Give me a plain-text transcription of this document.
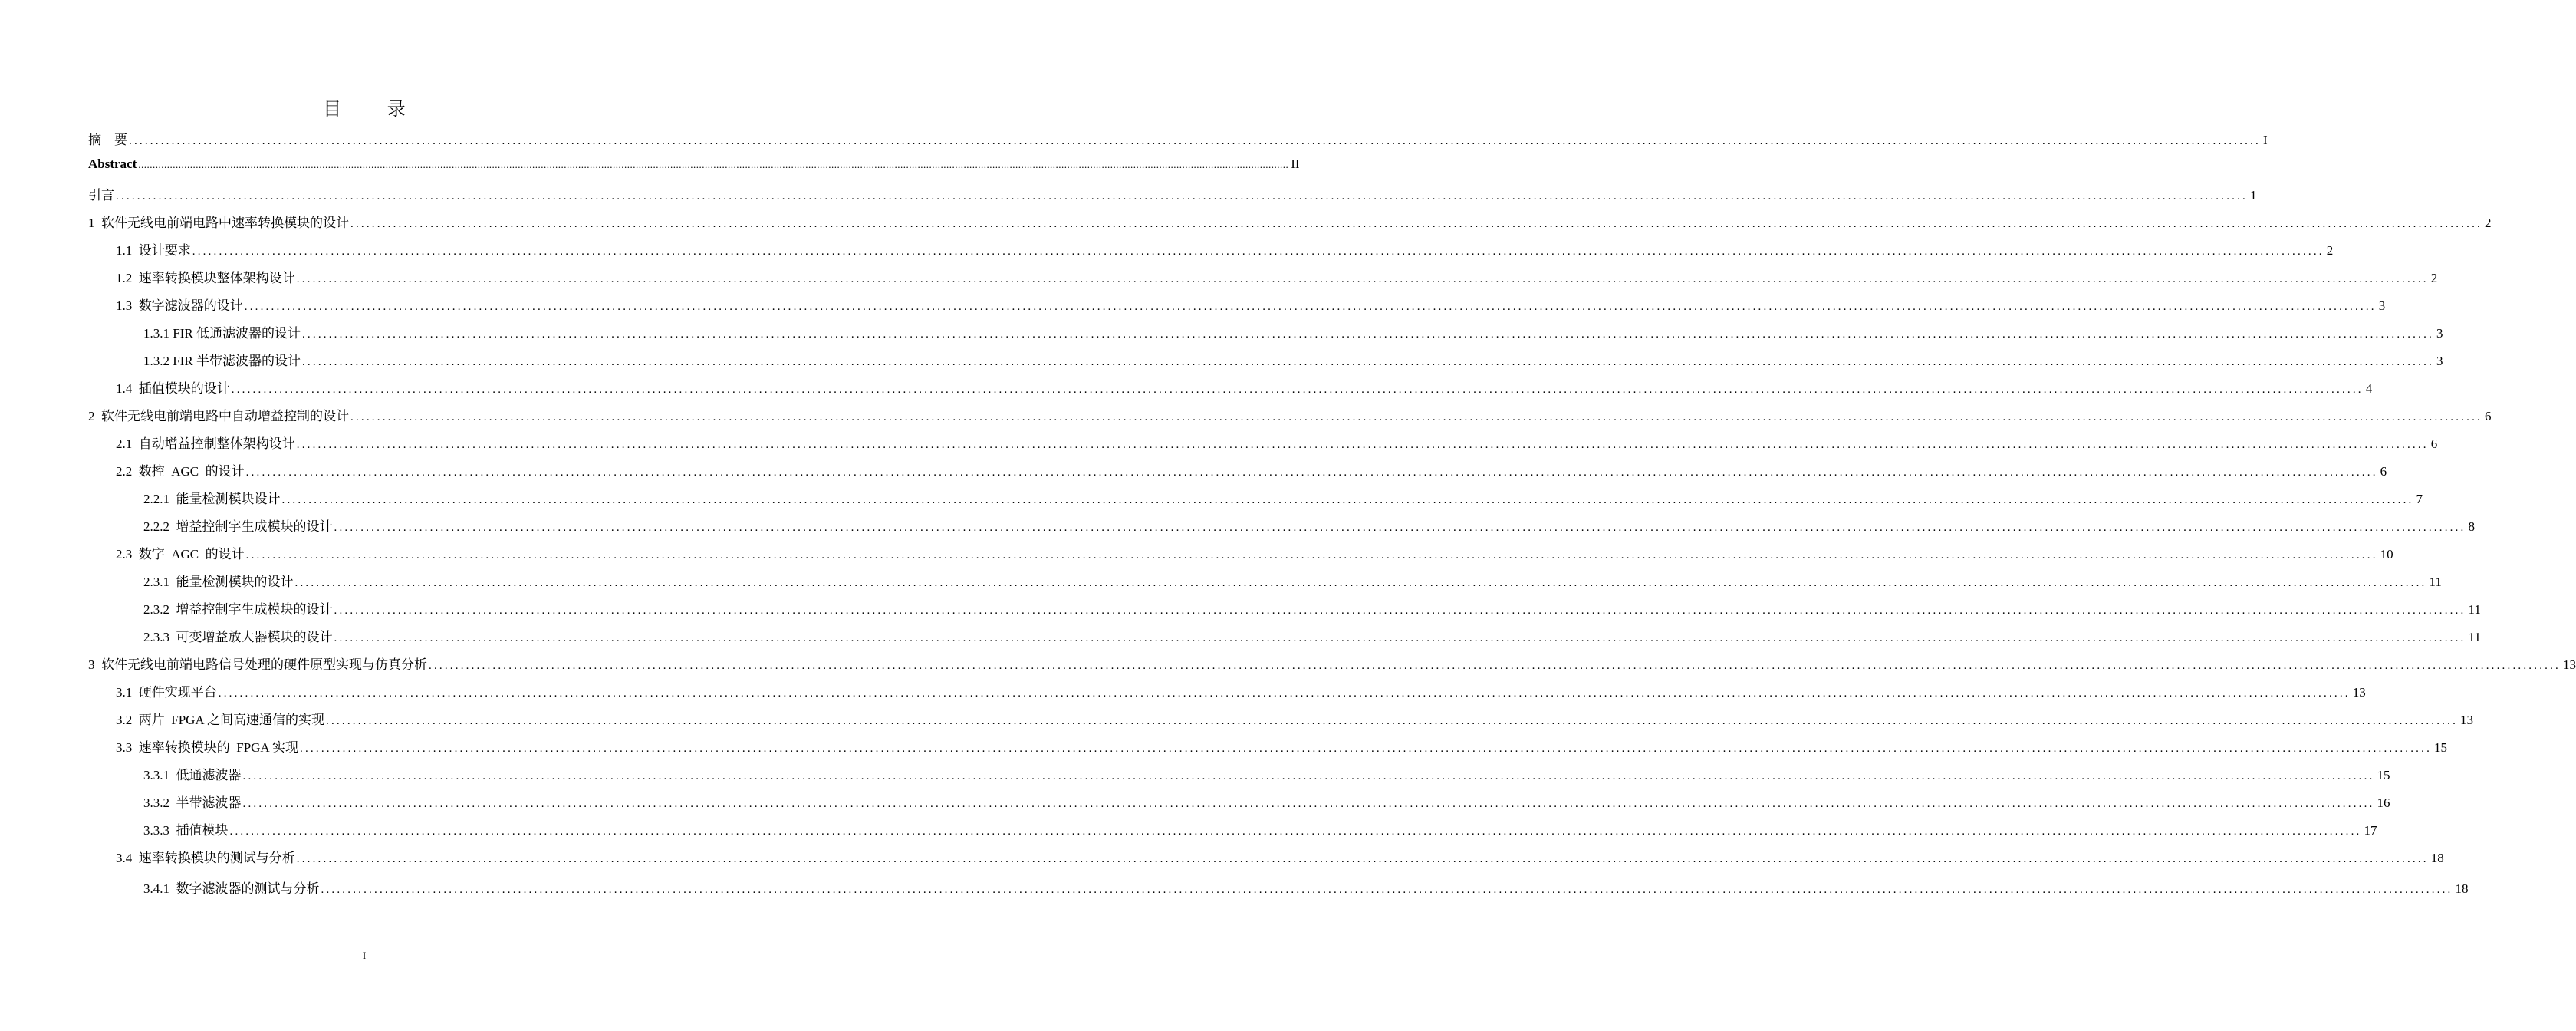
目 录
摘    要 ................................................................................................................................................................................................................................................................................................................................................................................................................ I
Abstract ................................................................................................................................................................................................................................................................................................................................................................................................................ II
引言 ................................................................................................................................................................................................................................................................................................................................................................................................................ 1
1  软件无线电前端电路中速率转换模块的设计 ................................................................................................................................................................................................................................................................................................................................................................................................................ 2
1.1  设计要求 ................................................................................................................................................................................................................................................................................................................................................................................................................ 2
1.2  速率转换模块整体架构设计 ................................................................................................................................................................................................................................................................................................................................................................................................................ 2
1.3  数字滤波器的设计 ................................................................................................................................................................................................................................................................................................................................................................................................................ 3
1.3.1 FIR 低通滤波器的设计 ................................................................................................................................................................................................................................................................................................................................................................................................................ 3
1.3.2 FIR 半带滤波器的设计 ................................................................................................................................................................................................................................................................................................................................................................................................................ 3
1.4  插值模块的设计 ................................................................................................................................................................................................................................................................................................................................................................................................................ 4
2  软件无线电前端电路中自动增益控制的设计 ................................................................................................................................................................................................................................................................................................................................................................................................................ 6
2.1  自动增益控制整体架构设计 ................................................................................................................................................................................................................................................................................................................................................................................................................ 6
2.2  数控  AGC  的设计 ................................................................................................................................................................................................................................................................................................................................................................................................................ 6
2.2.1  能量检测模块设计 ................................................................................................................................................................................................................................................................................................................................................................................................................ 7
2.2.2  增益控制字生成模块的设计 ................................................................................................................................................................................................................................................................................................................................................................................................................ 8
2.3  数字  AGC  的设计 ................................................................................................................................................................................................................................................................................................................................................................................................................ 10
2.3.1  能量检测模块的设计 ................................................................................................................................................................................................................................................................................................................................................................................................................ 11
2.3.2  增益控制字生成模块的设计 ................................................................................................................................................................................................................................................................................................................................................................................................................ 11
2.3.3  可变增益放大器模块的设计 ................................................................................................................................................................................................................................................................................................................................................................................................................ 11
3  软件无线电前端电路信号处理的硬件原型实现与仿真分析 ................................................................................................................................................................................................................................................................................................................................................................................................................ 13
3.1  硬件实现平台 ................................................................................................................................................................................................................................................................................................................................................................................................................ 13
3.2  两片  FPGA 之间高速通信的实现 ................................................................................................................................................................................................................................................................................................................................................................................................................ 13
3.3  速率转换模块的  FPGA 实现 ................................................................................................................................................................................................................................................................................................................................................................................................................ 15
3.3.1  低通滤波器 ................................................................................................................................................................................................................................................................................................................................................................................................................ 15
3.3.2  半带滤波器 ................................................................................................................................................................................................................................................................................................................................................................................................................ 16
3.3.3  插值模块 ................................................................................................................................................................................................................................................................................................................................................................................................................ 17
3.4  速率转换模块的测试与分析 ................................................................................................................................................................................................................................................................................................................................................................................................................ 18
3.4.1  数字滤波器的测试与分析 ................................................................................................................................................................................................................................................................................................................................................................................................................ 18
I
